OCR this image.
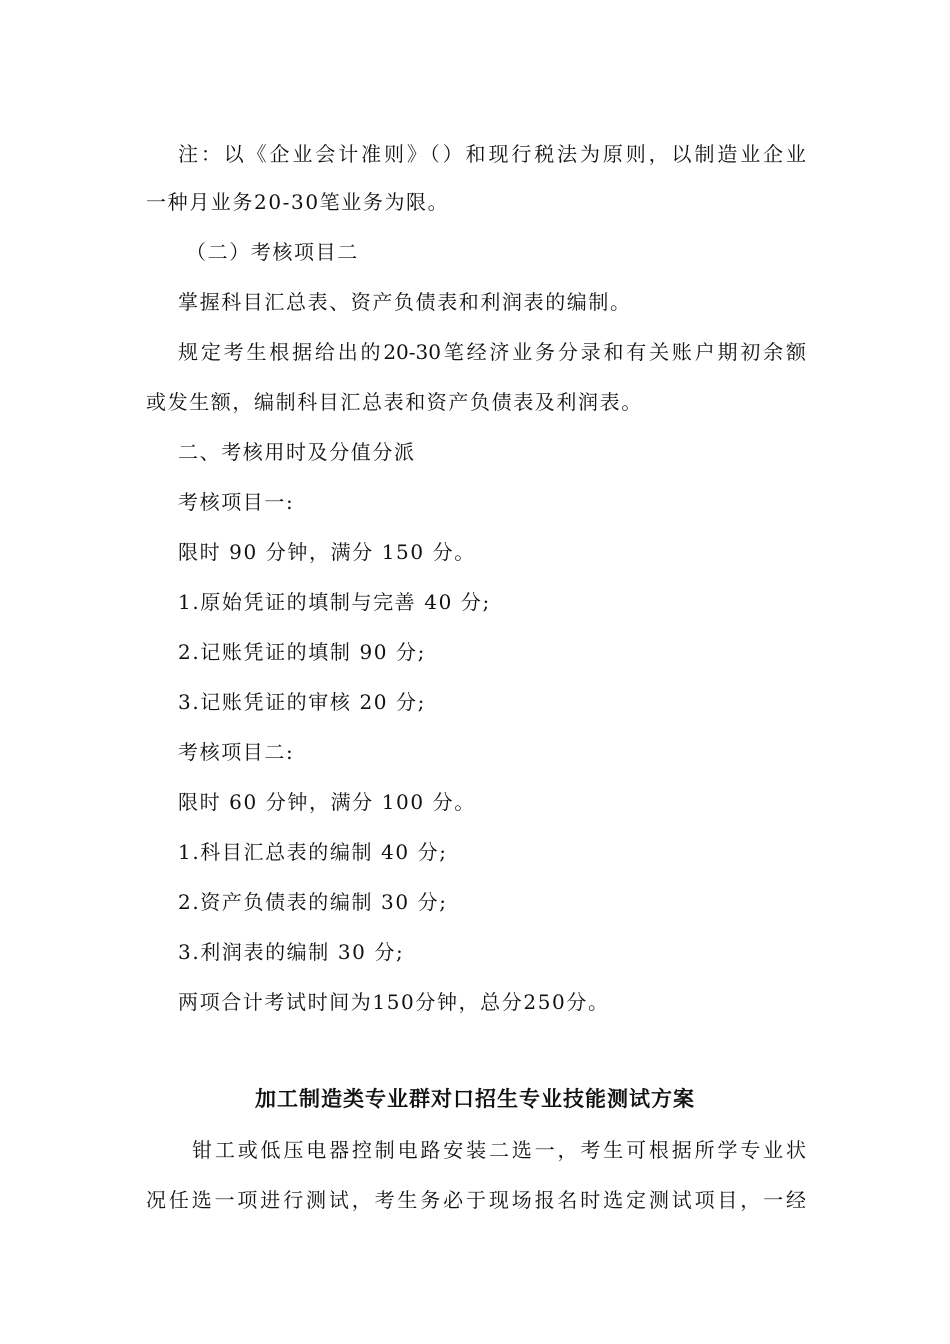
注：以《企业会计准则》（）和现行税法为原则，以制造业企业
一种月业务20-30笔业务为限。
（二）考核项目二
掌握科目汇总表、资产负债表和利润表的编制。
规定考生根据给出的20-30笔经济业务分录和有关账户期初余额
或发生额，编制科目汇总表和资产负债表及利润表。
二、考核用时及分值分派
考核项目一:
限时 90 分钟，满分 150 分。
1.原始凭证的填制与完善 40 分;
2.记账凭证的填制 90 分;
3.记账凭证的审核 20 分;
考核项目二:
限时 60 分钟，满分 100 分。
1.科目汇总表的编制 40 分;
2.资产负债表的编制 30 分;
3.利润表的编制 30 分;
两项合计考试时间为150分钟，总分250分。
加工制造类专业群对口招生专业技能测试方案
钳工或低压电器控制电路安装二选一，考生可根据所学专业状
况任选一项进行测试，考生务必于现场报名时选定测试项目，一经
